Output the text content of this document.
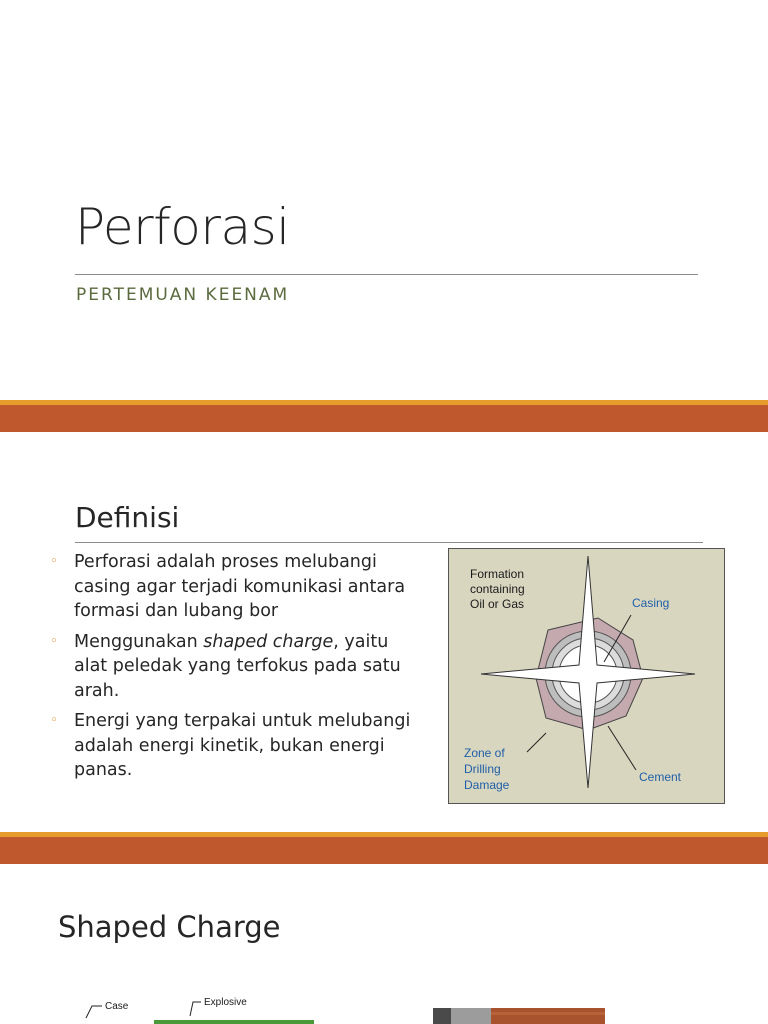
Perforasi
PERTEMUAN KEENAM
Definisi
◦ Perforasi adalah proses melubangi casing agar terjadi komunikasi antara formasi dan lubang bor
◦ Menggunakan shaped charge, yaitu alat peledak yang terfokus pada satu arah.
◦ Energi yang terpakai untuk melubangi adalah energi kinetik, bukan energi panas.
Formation
containing
Oil or Gas	Casing
Zone of
Drilling
Damage
Cement
Shaped Charge
Case	Explosive
